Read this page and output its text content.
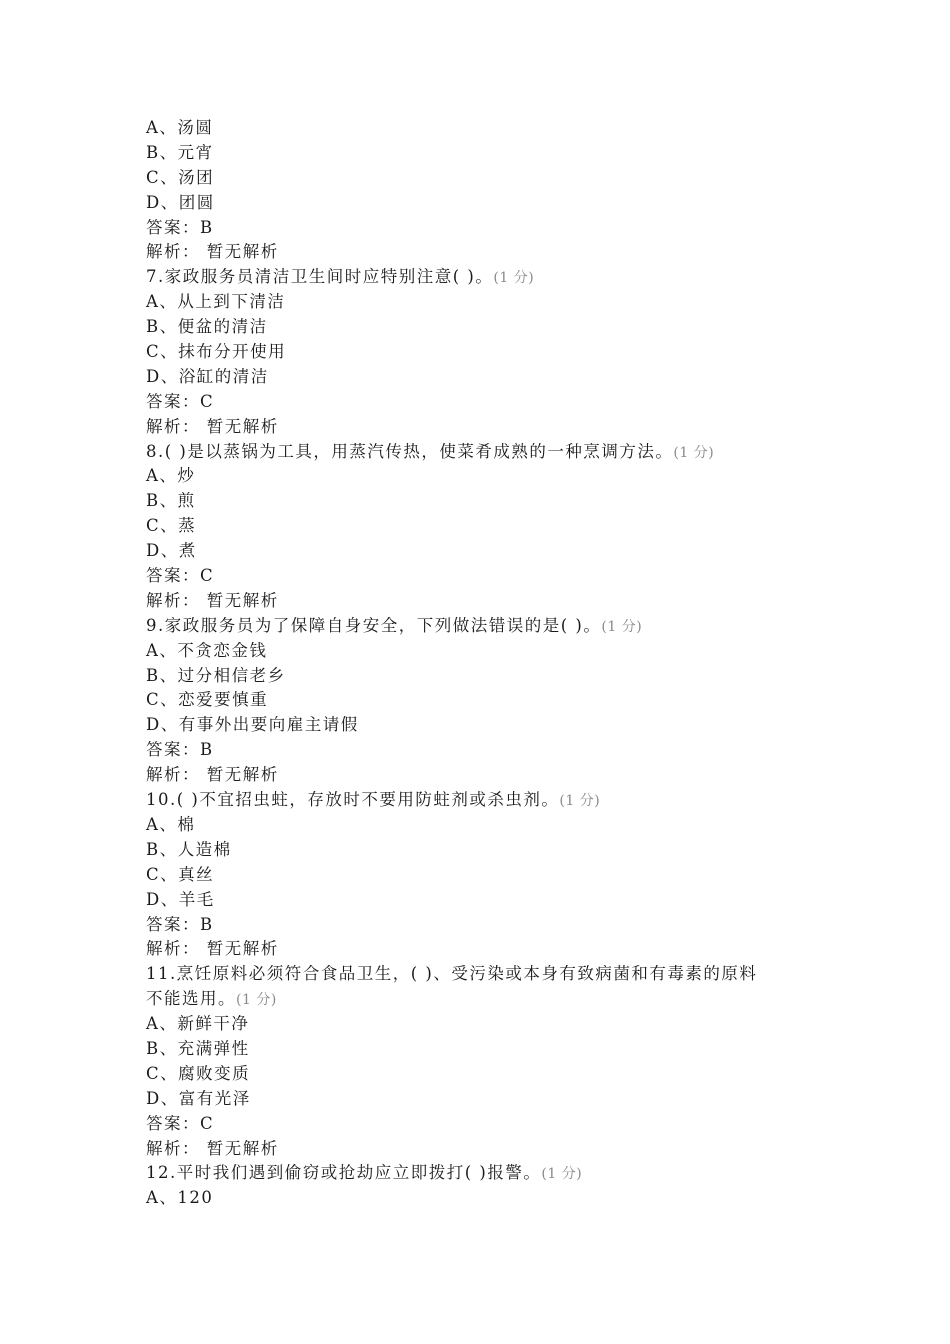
A、汤圆
B、元宵
C、汤团
D、团圆
答案：B
解析： 暂无解析
7.家政服务员清洁卫生间时应特别注意( )。(1 分)
A、从上到下清洁
B、便盆的清洁
C、抹布分开使用
D、浴缸的清洁
答案：C
解析： 暂无解析
8.( )是以蒸锅为工具，用蒸汽传热，使菜肴成熟的一种烹调方法。(1 分)
A、炒
B、煎
C、蒸
D、煮
答案：C
解析： 暂无解析
9.家政服务员为了保障自身安全，下列做法错误的是( )。(1 分)
A、不贪恋金钱
B、过分相信老乡
C、恋爱要慎重
D、有事外出要向雇主请假
答案：B
解析： 暂无解析
10.( )不宜招虫蛀，存放时不要用防蛀剂或杀虫剂。(1 分)
A、棉
B、人造棉
C、真丝
D、羊毛
答案：B
解析： 暂无解析
11.烹饪原料必须符合食品卫生，( )、受污染或本身有致病菌和有毒素的原料
不能选用。(1 分)
A、新鲜干净
B、充满弹性
C、腐败变质
D、富有光泽
答案：C
解析： 暂无解析
12.平时我们遇到偷窃或抢劫应立即拨打( )报警。(1 分)
A、120
